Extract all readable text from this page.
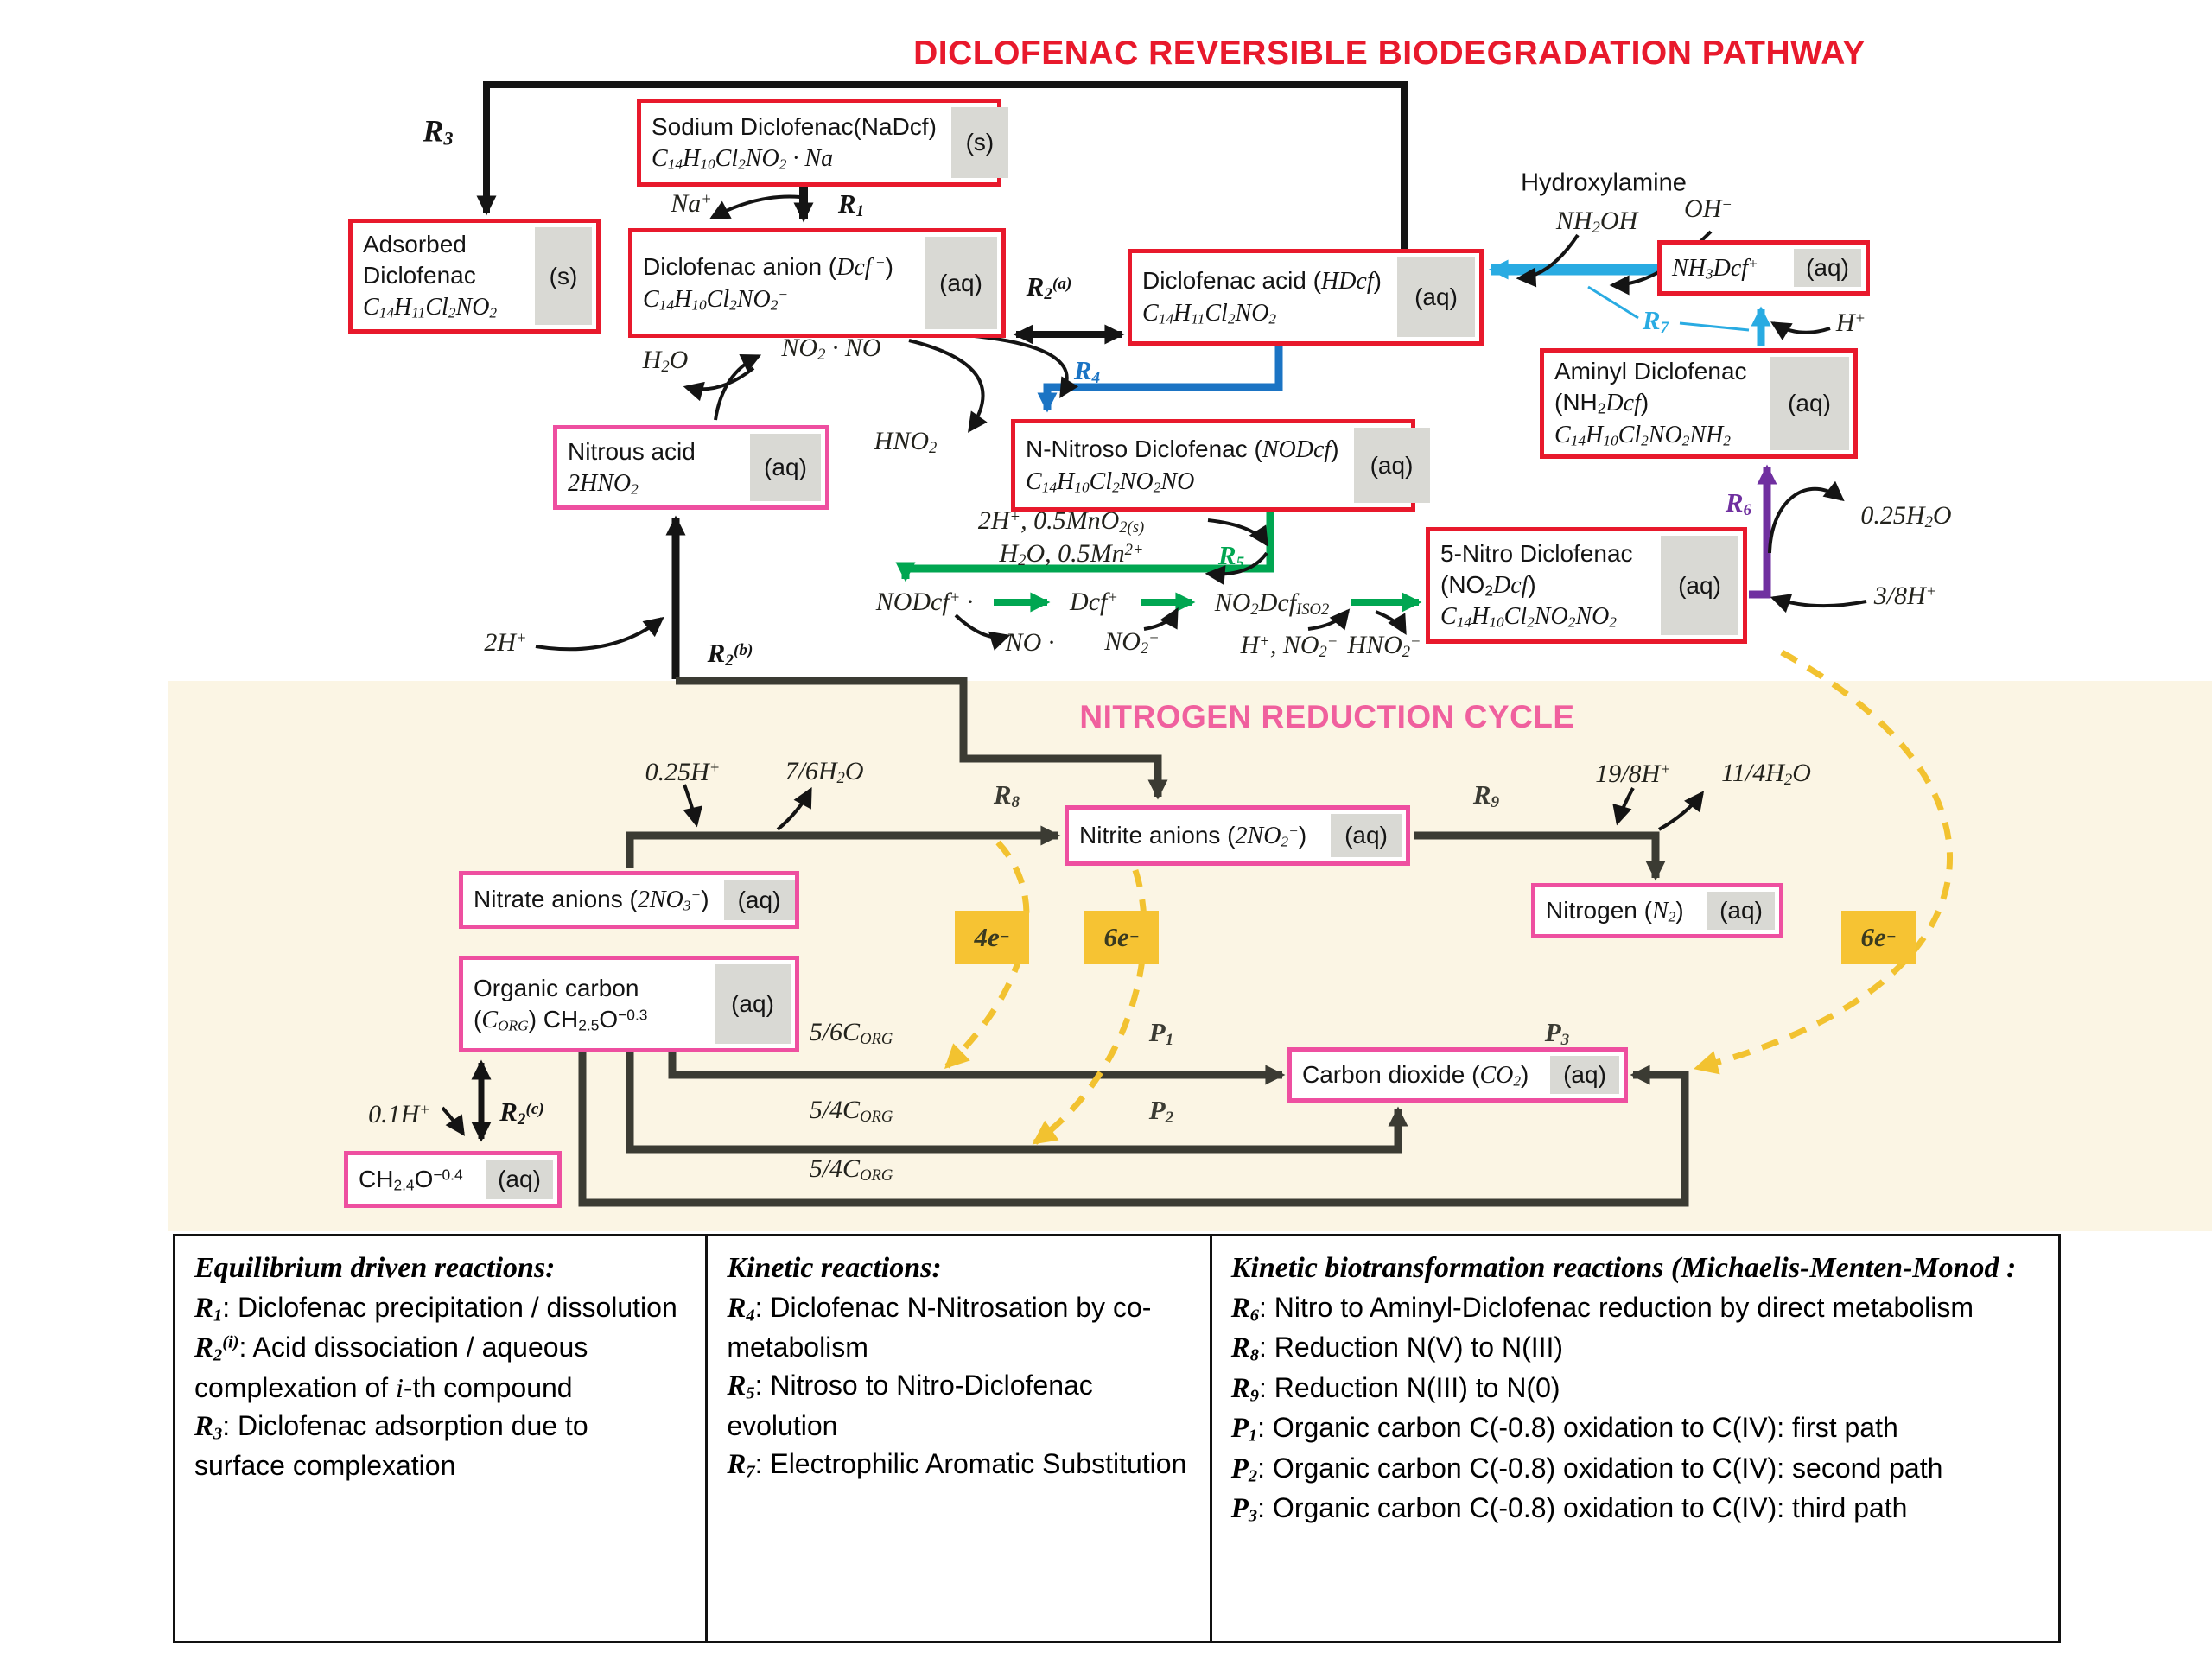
DICLOFENAC REVERSIBLE BIODEGRADATION PATHWAY
NITROGEN REDUCTION CYCLE
Sodium Diclofenac(NaDcf)
$C_{14}H_{10}Cl_2NO_2 \cdot Na$
(s)
Adsorbed
Diclofenac
$C_{14}H_{11}Cl_2NO_2$
(s)	Diclofenac anion (Dcf −)
$C_{14}H_{10}Cl_2NO_2^-$	(aq)	Diclofenac acid (HDcf)
$C_{14}H_{11}Cl_2NO_2$
(aq)
$NH_3Dcf^+$	(aq)
Aminyl Diclofenac
$(NH_2Dcf)$
$C_{14}H_{10}Cl_2NO_2NH_2$
(aq)
N-Nitroso Diclofenac (NODcf)
$C_{14}H_{10}Cl_2NO_2NO$
(aq)
Nitrous acid
$2HNO_2$
(aq)
5-Nitro Diclofenac
$(NO_2Dcf)$
$C_{14}H_{10}Cl_2NO_2NO_2$
(aq)
Nitrite anions $(2NO_2^-)$	(aq)
Nitrate anions $(2NO_3^-)$	(aq)	Nitrogen $(N_2)$	(aq)
Organic carbon
$(C_{ORG})$ $CH_{2.5}O^{-0.3}$	(aq)
$CH_{2.4}O^{-0.4}$	(aq)
Carbon dioxide $(CO_2)$	(aq)
$R_3$
$R_1$
Na+
$R_2^{(a)}$
Hydroxylamine
$NH_2OH$ OH−
H+
$R_7$
$R_6$	$0.25H_2O$
3/8H+
$H_2O$	$NO_2$ · NO
$HNO_2$
$R_4$
2H+	$R_2^{(b)}$
2H+, 0.5MnO$_{2(s)}$
$H_2O$, $0.5Mn^{2+}$	$R_5$
NODcf+ ·	Dcf+	$NO_2Dcf_{ISO2}$
NO · $NO_2^-$	H+, $NO_2^-$ $HNO_2^-$
0.25H+	$7/6H_2O$
$R_8$	$R_9$
19/8H+ $11/4H_2O$
$5/6C_{ORG}$	$P_1$
$5/4C_{ORG}$	$P_2$
$5/4C_{ORG}$
$P_3$
$R_2^{(c)}$
0.1H+
4e −	6e −	6e −
Equilibrium driven reactions:
$R_1$: Diclofenac precipitation / dissolution
$R_2^{(i)}$: Acid dissociation / aqueous complexation of i-th compound
$R_3$: Diclofenac adsorption due to surface complexation
Kinetic reactions:
$R_4$: Diclofenac N-Nitrosation by co-metabolism
$R_5$: Nitroso to Nitro-Diclofenac evolution
$R_7$: Electrophilic Aromatic Substitution
Kinetic biotransformation reactions (Michaelis-Menten-Monod :
$R_6$: Nitro to Aminyl-Diclofenac reduction by direct metabolism
$R_8$: Reduction N(V) to N(III)
$R_9$: Reduction N(III) to N(0)
$P_1$: Organic carbon C(-0.8) oxidation to C(IV): first path
$P_2$: Organic carbon C(-0.8) oxidation to C(IV): second path
$P_3$: Organic carbon C(-0.8) oxidation to C(IV): third path
